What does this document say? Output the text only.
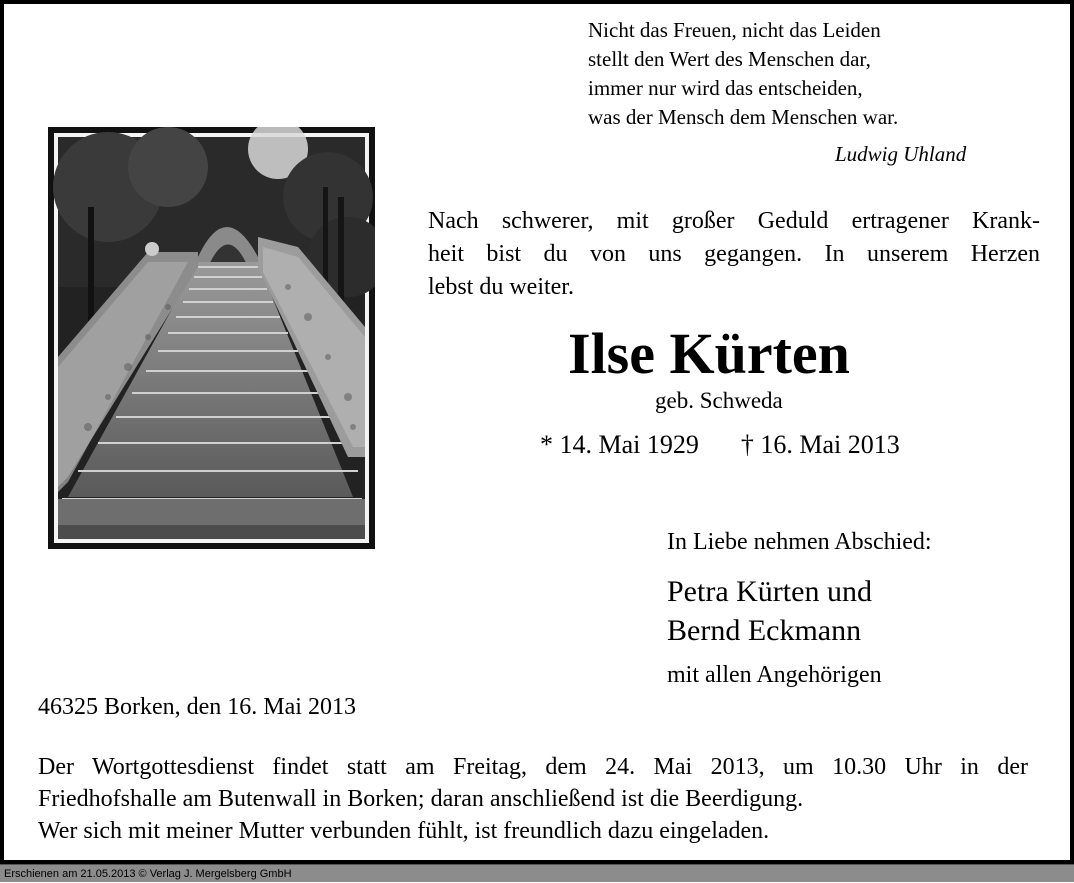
Nicht das Freuen, nicht das Leiden
stellt den Wert des Menschen dar,
immer nur wird das entscheiden,
was der Mensch dem Menschen war.
Ludwig Uhland
Nach schwerer, mit großer Geduld ertragener Krank-
heit bist du von uns gegangen. In unserem Herzen
lebst du weiter.
Ilse Kürten
geb. Schweda
* 14. Mai 1929 † 16. Mai 2013
In Liebe nehmen Abschied:
Petra Kürten und
Bernd Eckmann
mit allen Angehörigen
46325 Borken, den 16. Mai 2013
Der Wortgottesdienst findet statt am Freitag, dem 24. Mai 2013, um 10.30 Uhr in der
Friedhofshalle am Butenwall in Borken; daran anschließend ist die Beerdigung.
Wer sich mit meiner Mutter verbunden fühlt, ist freundlich dazu eingeladen.
Erschienen am 21.05.2013 © Verlag J. Mergelsberg GmbH
